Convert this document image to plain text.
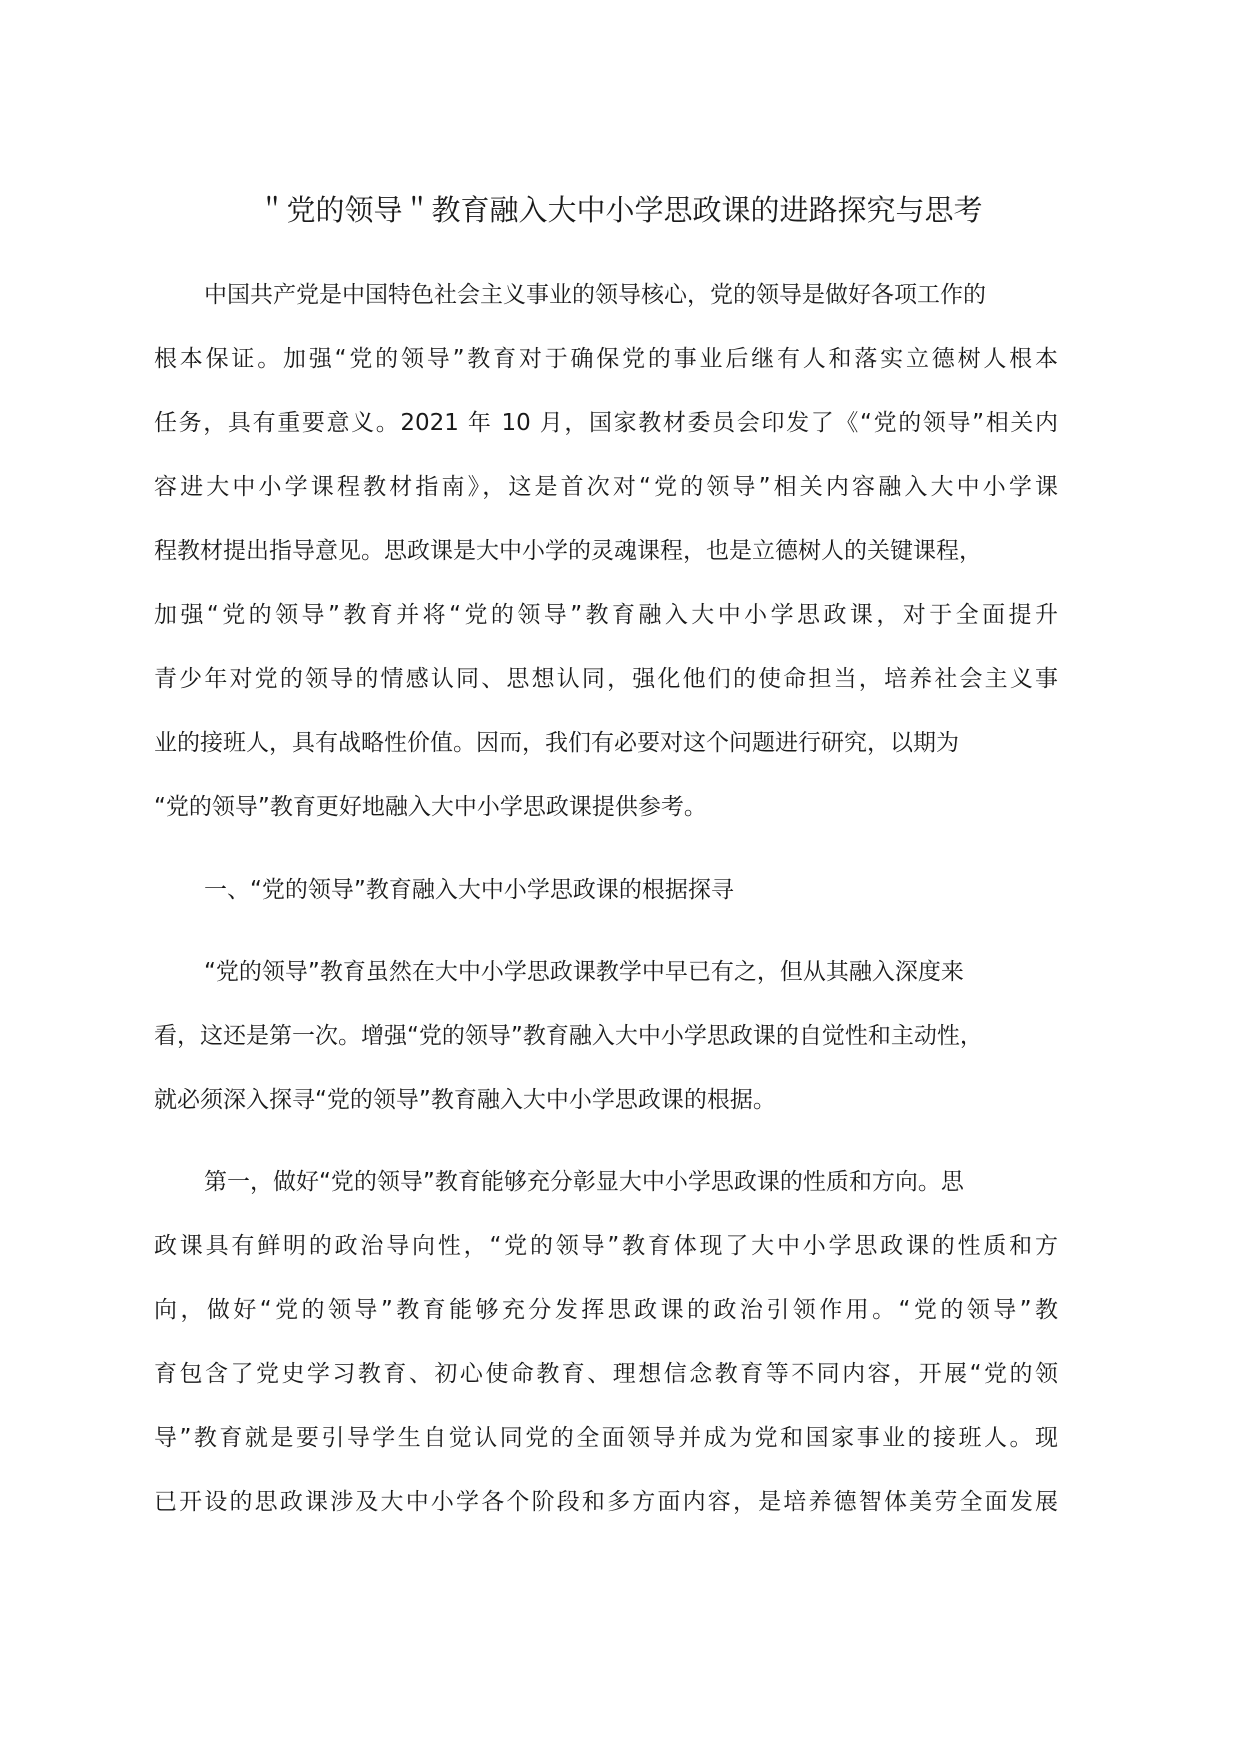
＂党的领导＂教育融入大中小学思政课的进路探究与思考

中国共产党是中国特色社会主义事业的领导核心，党的领导是做好各项工作的

根本保证。加强“党的领导”教育对于确保党的事业后继有人和落实立德树人根本

任务，具有重要意义。2021 年 10 月，国家教材委员会印发了《“党的领导”相关内

容进大中小学课程教材指南》，这是首次对“党的领导”相关内容融入大中小学课

程教材提出指导意见。思政课是大中小学的灵魂课程，也是立德树人的关键课程，

加强“党的领导”教育并将“党的领导”教育融入大中小学思政课，对于全面提升

青少年对党的领导的情感认同、思想认同，强化他们的使命担当，培养社会主义事

业的接班人，具有战略性价值。因而，我们有必要对这个问题进行研究，以期为

“党的领导”教育更好地融入大中小学思政课提供参考。

一、“党的领导”教育融入大中小学思政课的根据探寻

“党的领导”教育虽然在大中小学思政课教学中早已有之，但从其融入深度来

看，这还是第一次。增强“党的领导”教育融入大中小学思政课的自觉性和主动性，

就必须深入探寻“党的领导”教育融入大中小学思政课的根据。

第一，做好“党的领导”教育能够充分彰显大中小学思政课的性质和方向。思

政课具有鲜明的政治导向性，“党的领导”教育体现了大中小学思政课的性质和方

向，做好“党的领导”教育能够充分发挥思政课的政治引领作用。“党的领导”教

育包含了党史学习教育、初心使命教育、理想信念教育等不同内容，开展“党的领

导”教育就是要引导学生自觉认同党的全面领导并成为党和国家事业的接班人。现

已开设的思政课涉及大中小学各个阶段和多方面内容，是培养德智体美劳全面发展
